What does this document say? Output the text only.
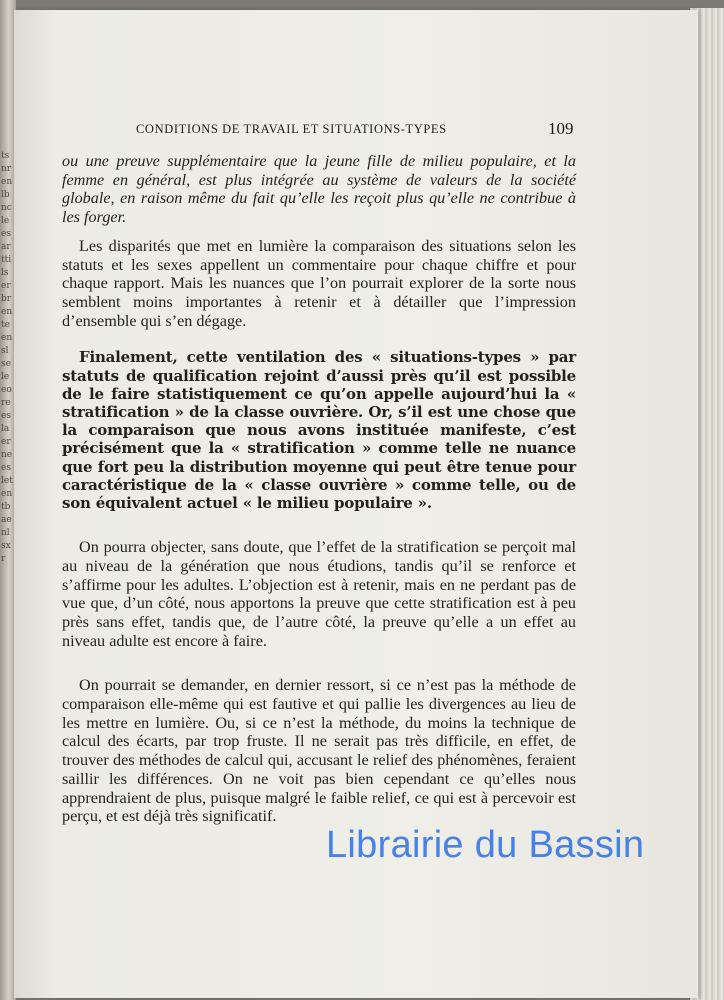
tsnrenlbncleesarttilserbrenteenslseleeoreeslaerneesletentbaenlsxr
CONDITIONS DE TRAVAIL ET SITUATIONS-TYPES	109

ou une preuve supplémentaire que la jeune fille de milieu populaire, et la femme en général, est plus intégrée au système de valeurs de la société globale, en raison même du fait qu’elle les reçoit plus qu’elle ne contribue à les forger.

Les disparités que met en lumière la comparaison des situations selon les statuts et les sexes appellent un commentaire pour chaque chiffre et pour chaque rapport. Mais les nuances que l’on pourrait explorer de la sorte nous semblent moins importantes à retenir et à détailler que l’impression d’ensemble qui s’en dégage.

Finalement, cette ventilation des « situations-types » par statuts de qualification rejoint d’aussi près qu’il est possible de le faire statistiquement ce qu’on appelle aujourd’hui la « stratification » de la classe ouvrière. Or, s’il est une chose que la comparaison que nous avons instituée manifeste, c’est précisément que la « stratification » comme telle ne nuance que fort peu la distribution moyenne qui peut être tenue pour caractéristique de la « classe ouvrière » comme telle, ou de son équivalent actuel « le milieu populaire ».

On pourra objecter, sans doute, que l’effet de la stratification se perçoit mal au niveau de la génération que nous étudions, tandis qu’il se renforce et s’affirme pour les adultes. L’objection est à retenir, mais en ne perdant pas de vue que, d’un côté, nous apportons la preuve que cette stratification est à peu près sans effet, tandis que, de l’autre côté, la preuve qu’elle a un effet au niveau adulte est encore à faire.

On pourrait se demander, en dernier ressort, si ce n’est pas la méthode de comparaison elle-même qui est fautive et qui pallie les divergences au lieu de les mettre en lumière. Ou, si ce n’est la méthode, du moins la technique de calcul des écarts, par trop fruste. Il ne serait pas très difficile, en effet, de trouver des méthodes de calcul qui, accusant le relief des phénomènes, feraient saillir les différences. On ne voit pas bien cependant ce qu’elles nous apprendraient de plus, puisque malgré le faible relief, ce qui est à percevoir est perçu, et est déjà très significatif.

Librairie du Bassin
